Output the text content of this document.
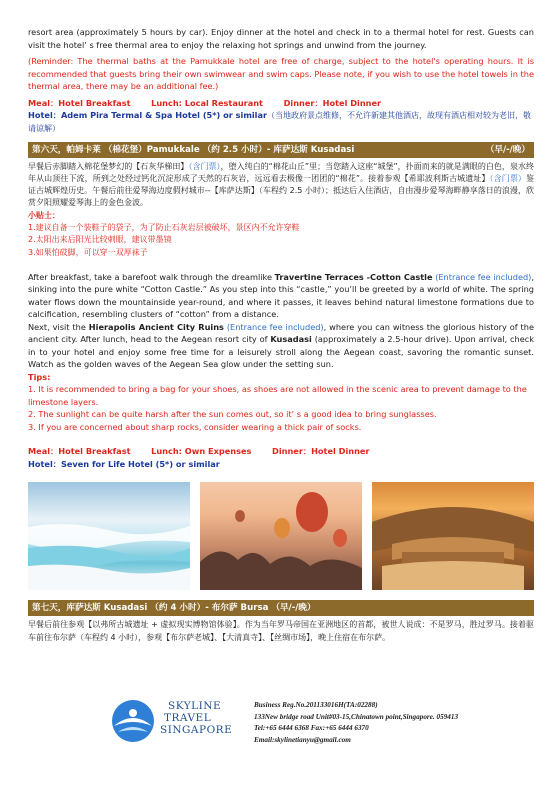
resort area (approximately 5 hours by car). Enjoy dinner at the hotel and check in to a thermal hotel for rest. Guests can visit the hotel’ s free thermal area to enjoy the relaxing hot springs and unwind from the journey.

(Reminder: The thermal baths at the Pamukkale hotel are free of charge, subject to the hotel's operating hours. It is recommended that guests bring their own swimwear and swim caps. Please note, if you wish to use the hotel towels in the thermal area, there may be an additional fee.)

Meal：Hotel Breakfast	Lunch: Local Restaurant	Dinner：Hotel Dinner

Hotel：Adem Pira Termal & Spa Hotel (5*) or similar（当地政府景点维修，不允许新建其他酒店，故现有酒店相对较为老旧，敬请谅解）

第六天，帕姆卡莱 （棉花堡）Pamukkale （约 2.5 小时）- 库萨达斯 Kusadasi	（早/-/晚）

早餐后赤脚踏入棉花堡梦幻的【石灰华梯田】（含门票），堕入纯白的“棉花山丘”里；当您踏入这座“城堡”，扑面而来的就是满眼的白色，泉水终年从山顶往下流，所到之处经过钙化沉淀形成了天然的石灰岩，远远看去极像一团团的“棉花”。接着参观【希耶波利斯古城遗址】（含门票）鉴证古城辉煌历史。午餐后前往爱琴海边度假村城市--【库萨达斯】（车程约 2.5 小时）；抵达后入住酒店，自由漫步爱琴海畔静享落日的浪漫，欣赏夕阳照耀爱琴海上的金色金波。

小贴士：

1.建议自备一个装鞋子的袋子，为了防止石灰岩层被破坏，景区内不允许穿鞋

2.太阳出来后阳光比较刺眼，建议带墨镜

3.如果怕砹脚，可以穿一双厚袜子

After breakfast, take a barefoot walk through the dreamlike Travertine Terraces -Cotton Castle (Entrance fee included), sinking into the pure white “Cotton Castle.” As you step into this “castle,” you’ll be greeted by a world of white. The spring water flows down the mountainside year-round, and where it passes, it leaves behind natural limestone formations due to calcification, resembling clusters of “cotton” from a distance.

Next, visit the Hierapolis Ancient City Ruins (Entrance fee included), where you can witness the glorious history of the ancient city. After lunch, head to the Aegean resort city of Kusadasi (approximately a 2.5-hour drive). Upon arrival, check in to your hotel and enjoy some free time for a leisurely stroll along the Aegean coast, savoring the romantic sunset. Watch as the golden waves of the Aegean Sea glow under the setting sun.

Tips:

1. It is recommended to bring a bag for your shoes, as shoes are not allowed in the scenic area to prevent damage to the limestone layers.

2. The sunlight can be quite harsh after the sun comes out, so it’ s a good idea to bring sunglasses.

3. If you are concerned about sharp rocks, consider wearing a thick pair of socks.

Meal：Hotel Breakfast	Lunch: Own Expenses	Dinner：Hotel Dinner

Hotel：Seven for Life Hotel (5*) or similar

第七天，库萨达斯 Kusadasi （约 4 小时）- 布尔萨 Bursa （早/-/晚）

早餐后前往参观【以弗所古城遗址 + 虚拟现实博物馆体验】。作为当年罗马帝国在亚洲地区的首都，被世人说成：不是罗马，胜过罗马。接着驱车前往布尔萨（车程约 4 小时），参观【布尔萨老城】、【大清真寺】、【丝绸市场】，晚上住宿在布尔萨。

SKYLINE
TRAVEL
SINGAPORE
Business Reg.No.201133016H(TA:02288)
133New bridge road Unit#03-15,Chinatown point,Singapore. 059413
Tel:+65 6444 6368 Fax:+65 6444 6370
Email:skylinetianyu@gmail.com
